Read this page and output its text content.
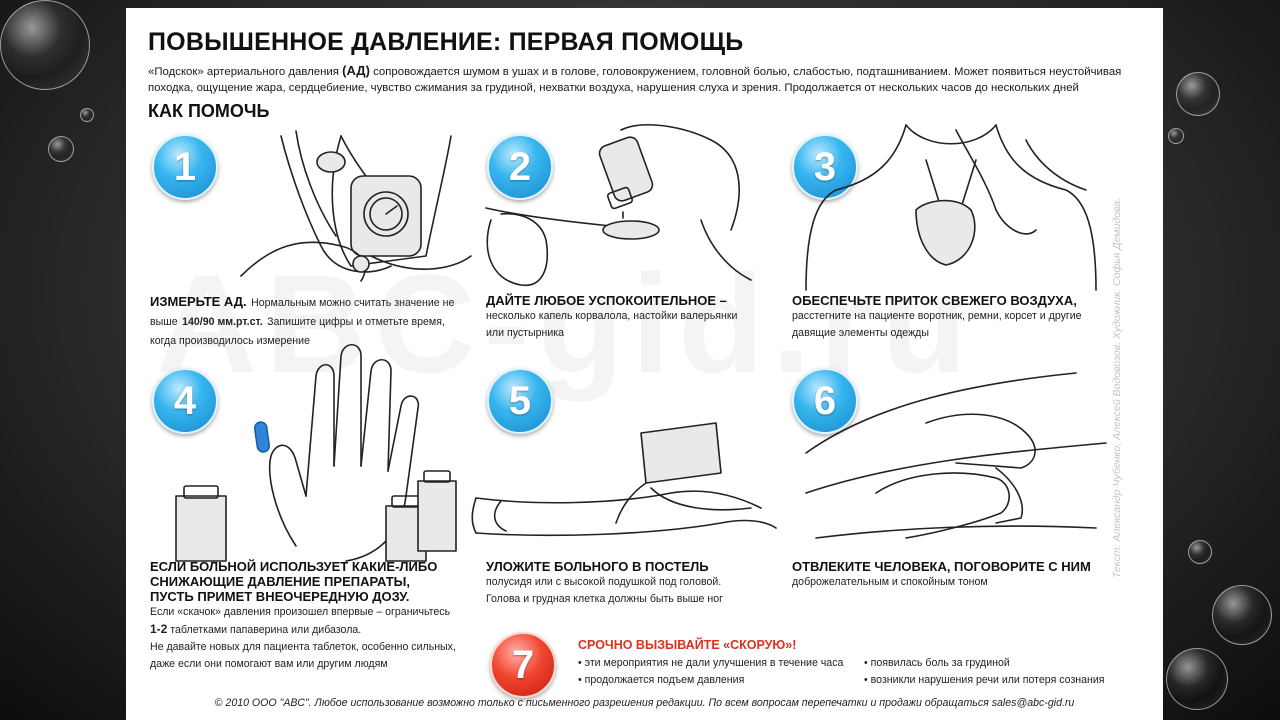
ПОВЫШЕННОЕ ДАВЛЕНИЕ: ПЕРВАЯ ПОМОЩЬ
«Подскок» артериального давления (АД) сопровождается шумом в ушах и в голове, головокружением, головной болью, слабостью, подташниванием. Может появиться неустойчивая походка, ощущение жара, сердцебиение, чувство сжимания за грудиной, нехватки воздуха, нарушения слуха и зрения. Продолжается от нескольких часов до нескольких дней
КАК ПОМОЧЬ
1	2	3
4	5	6
7
ИЗМЕРЬТЕ АД. Нормальным можно считать значение не выше 140/90 мм.рт.ст. Запишите цифры и отметьте время, когда производилось измерение
ДАЙТЕ ЛЮБОЕ УСПОКОИТЕЛЬНОЕ –
несколько капель корвалола, настойки валерьянки
или пустырника
ОБЕСПЕЧЬТЕ ПРИТОК СВЕЖЕГО ВОЗДУХА,
расстегните на пациенте воротник, ремни, корсет и другие
давящие элементы одежды
ЕСЛИ БОЛЬНОЙ ИСПОЛЬЗУЕТ КАКИЕ-ЛИБО
СНИЖАЮЩИЕ ДАВЛЕНИЕ ПРЕПАРАТЫ,
ПУСТЬ ПРИМЕТ ВНЕОЧЕРЕДНУЮ ДОЗУ.
Если «скачок» давления произошел впервые – ограничьтесь
1-2 таблетками папаверина или дибазола.
Не давайте новых для пациента таблеток, особенно сильных,
даже если они помогают вам или другим людям
УЛОЖИТЕ БОЛЬНОГО В ПОСТЕЛЬ
полусидя или с высокой подушкой под головой.
Голова и грудная клетка должны быть выше ног
ОТВЛЕКИТЕ ЧЕЛОВЕКА, ПОГОВОРИТЕ С НИМ
доброжелательным и спокойным тоном
СРОЧНО ВЫЗЫВАЙТЕ «СКОРУЮ»!
• эти мероприятия не дали улучшения в течение часа
• продолжается подъем давления
• появилась боль за грудиной
• возникли нарушения речи или потеря сознания
Текст: Александр Чубенко, Алексей Водовозов. Художник: Софья Демидова.
© 2010 ООО "АВС". Любое использование возможно только с письменного разрешения редакции. По всем вопросам перепечатки и продажи обращаться sales@abc-gid.ru
